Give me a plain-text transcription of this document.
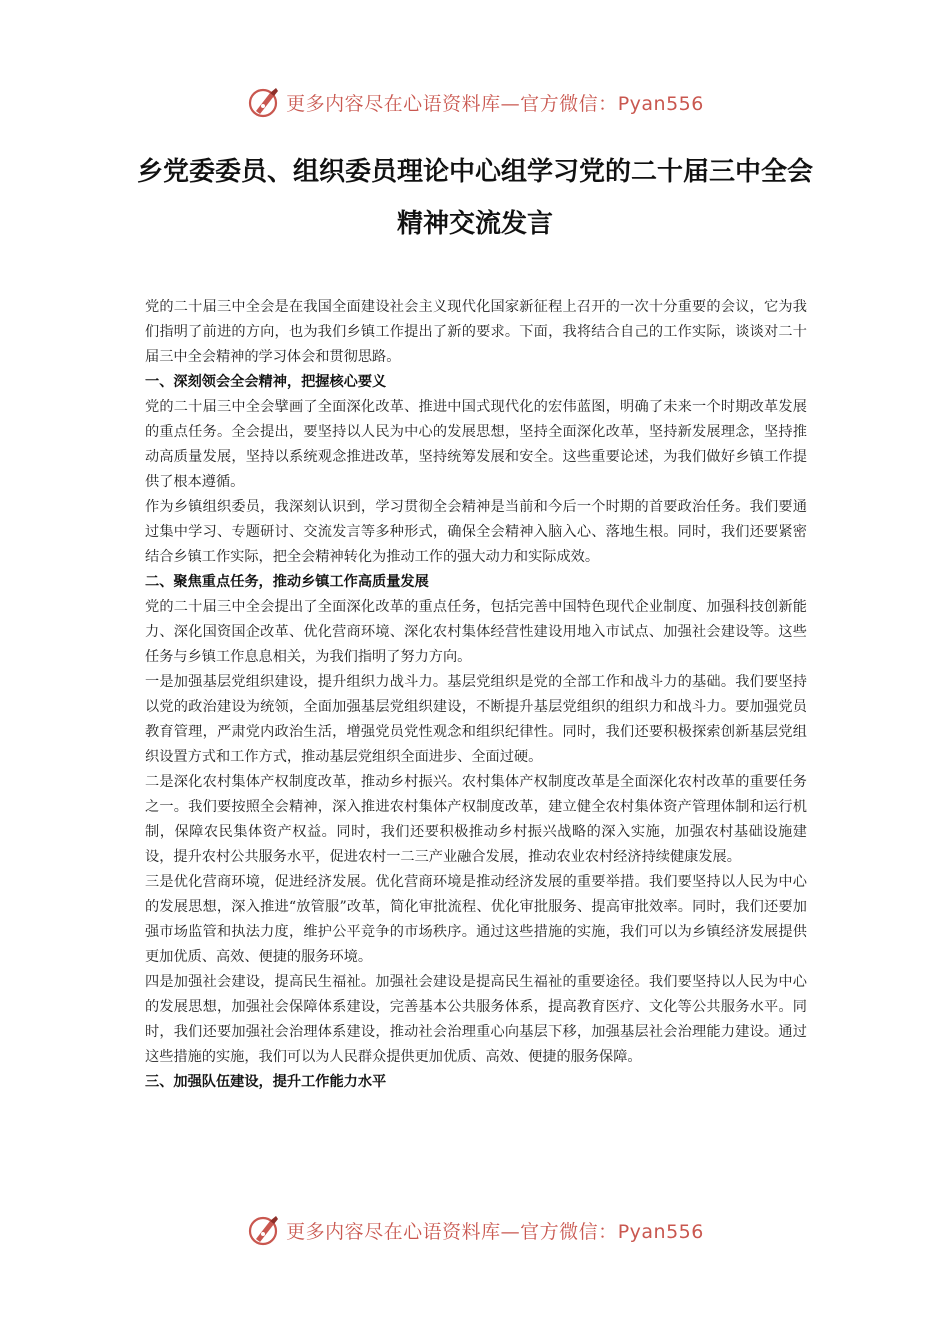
更多内容尽在心语资料库—官方微信：Pyan556
乡党委委员、组织委员理论中心组学习党的二十届三中全会精神交流发言

党的二十届三中全会是在我国全面建设社会主义现代化国家新征程上召开的一次十分重要的会议，它为我们指明了前进的方向，也为我们乡镇工作提出了新的要求。下面，我将结合自己的工作实际，谈谈对二十届三中全会精神的学习体会和贯彻思路。

一、深刻领会全会精神，把握核心要义

党的二十届三中全会擘画了全面深化改革、推进中国式现代化的宏伟蓝图，明确了未来一个时期改革发展的重点任务。全会提出，要坚持以人民为中心的发展思想，坚持全面深化改革，坚持新发展理念，坚持推动高质量发展，坚持以系统观念推进改革，坚持统筹发展和安全。这些重要论述，为我们做好乡镇工作提供了根本遵循。

作为乡镇组织委员，我深刻认识到，学习贯彻全会精神是当前和今后一个时期的首要政治任务。我们要通过集中学习、专题研讨、交流发言等多种形式，确保全会精神入脑入心、落地生根。同时，我们还要紧密结合乡镇工作实际，把全会精神转化为推动工作的强大动力和实际成效。

二、聚焦重点任务，推动乡镇工作高质量发展

党的二十届三中全会提出了全面深化改革的重点任务，包括完善中国特色现代企业制度、加强科技创新能力、深化国资国企改革、优化营商环境、深化农村集体经营性建设用地入市试点、加强社会建设等。这些任务与乡镇工作息息相关，为我们指明了努力方向。

一是加强基层党组织建设，提升组织力战斗力。基层党组织是党的全部工作和战斗力的基础。我们要坚持以党的政治建设为统领，全面加强基层党组织建设，不断提升基层党组织的组织力和战斗力。要加强党员教育管理，严肃党内政治生活，增强党员党性观念和组织纪律性。同时，我们还要积极探索创新基层党组织设置方式和工作方式，推动基层党组织全面进步、全面过硬。

二是深化农村集体产权制度改革，推动乡村振兴。农村集体产权制度改革是全面深化农村改革的重要任务之一。我们要按照全会精神，深入推进农村集体产权制度改革，建立健全农村集体资产管理体制和运行机制，保障农民集体资产权益。同时，我们还要积极推动乡村振兴战略的深入实施，加强农村基础设施建设，提升农村公共服务水平，促进农村一二三产业融合发展，推动农业农村经济持续健康发展。

三是优化营商环境，促进经济发展。优化营商环境是推动经济发展的重要举措。我们要坚持以人民为中心的发展思想，深入推进“放管服”改革，简化审批流程、优化审批服务、提高审批效率。同时，我们还要加强市场监管和执法力度，维护公平竞争的市场秩序。通过这些措施的实施，我们可以为乡镇经济发展提供更加优质、高效、便捷的服务环境。

四是加强社会建设，提高民生福祉。加强社会建设是提高民生福祉的重要途径。我们要坚持以人民为中心的发展思想，加强社会保障体系建设，完善基本公共服务体系，提高教育医疗、文化等公共服务水平。同时，我们还要加强社会治理体系建设，推动社会治理重心向基层下移，加强基层社会治理能力建设。通过这些措施的实施，我们可以为人民群众提供更加优质、高效、便捷的服务保障。

三、加强队伍建设，提升工作能力水平

更多内容尽在心语资料库—官方微信：Pyan556
